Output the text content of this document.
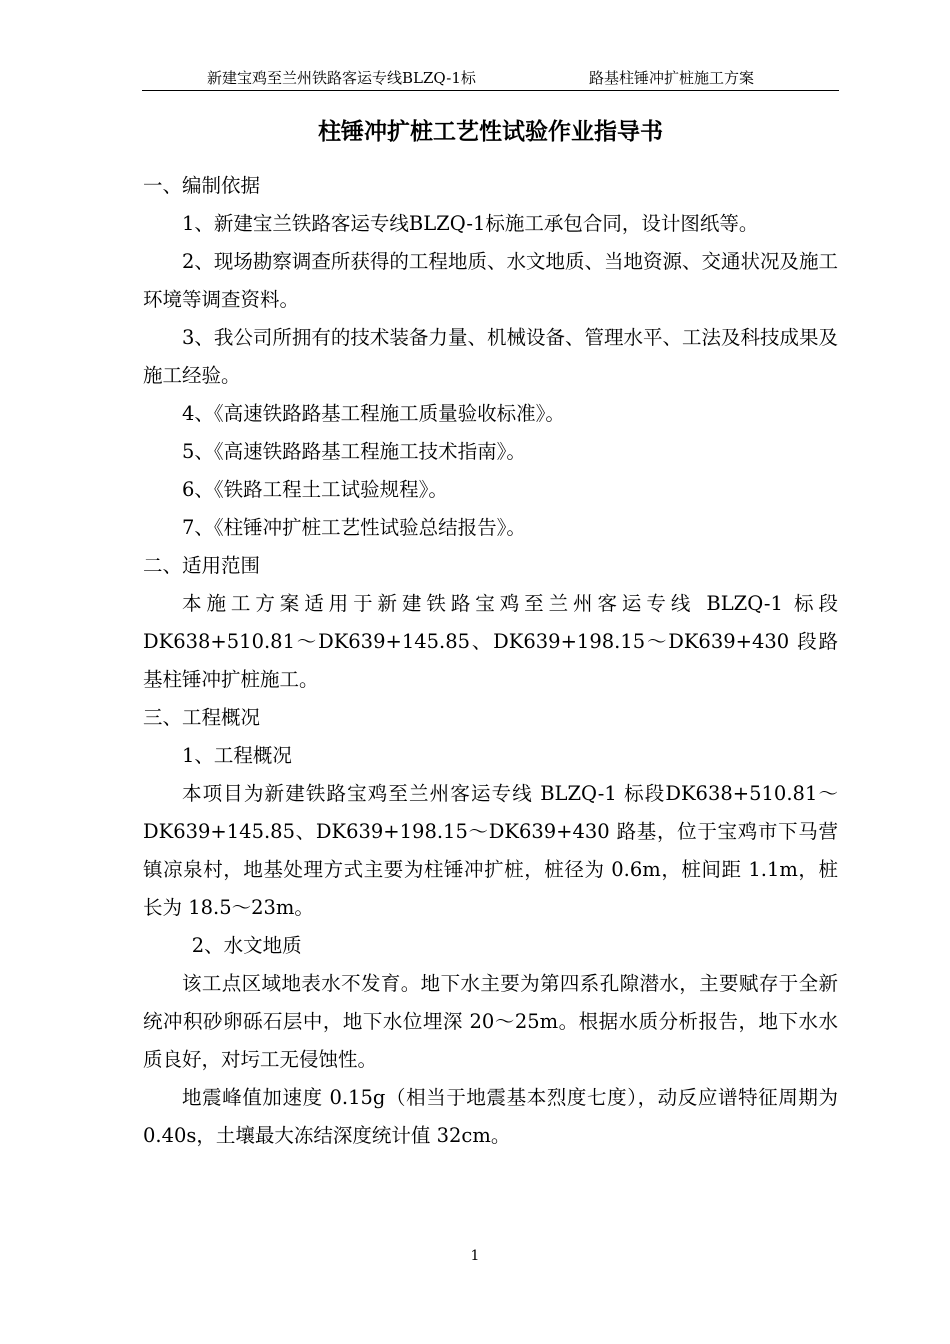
新建宝鸡至兰州铁路客运专线BLZQ-1标	路基柱锤冲扩桩施工方案
柱锤冲扩桩工艺性试验作业指导书

一、编制依据

1、新建宝兰铁路客运专线BLZQ-1标施工承包合同，设计图纸等。

2、现场勘察调查所获得的工程地质、水文地质、当地资源、交通状况及施工环境等调查资料。

3、我公司所拥有的技术装备力量、机械设备、管理水平、工法及科技成果及施工经验。

4、《高速铁路路基工程施工质量验收标准》。

5、《高速铁路路基工程施工技术指南》。

6、《铁路工程土工试验规程》。

7、《柱锤冲扩桩工艺性试验总结报告》。

二、适用范围

本施工方案适用于新建铁路宝鸡至兰州客运专线 BLZQ-1 标段DK638+510.81～DK639+145.85、DK639+198.15～DK639+430 段路基柱锤冲扩桩施工。

三、工程概况

1、工程概况

本项目为新建铁路宝鸡至兰州客运专线 BLZQ-1 标段DK638+510.81～DK639+145.85、DK639+198.15～DK639+430 路基，位于宝鸡市下马营镇凉泉村，地基处理方式主要为柱锤冲扩桩，桩径为 0.6m，桩间距 1.1m，桩长为 18.5～23m。

2、水文地质

该工点区域地表水不发育。地下水主要为第四系孔隙潜水，主要赋存于全新统冲积砂卵砾石层中，地下水位埋深 20～25m。根据水质分析报告，地下水水质良好，对圬工无侵蚀性。

地震峰值加速度 0.15g（相当于地震基本烈度七度），动反应谱特征周期为 0.40s，土壤最大冻结深度统计值 32cm。

1
